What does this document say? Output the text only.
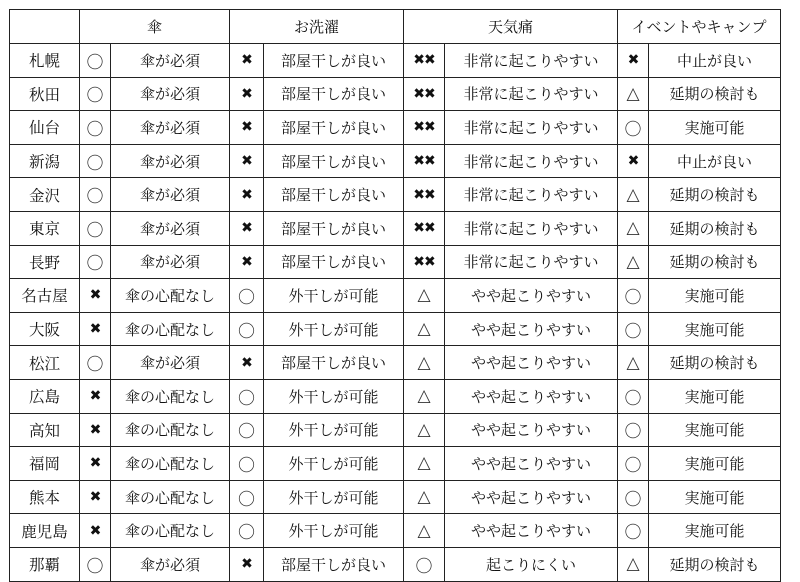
	傘		お洗濯		天気痛		イベントやキャンプ	
札幌	〇	傘が必須	✖	部屋干しが良い	✖✖	非常に起こりやすい	✖	中止が良い
秋田	〇	傘が必須	✖	部屋干しが良い	✖✖	非常に起こりやすい	△	延期の検討も
仙台	〇	傘が必須	✖	部屋干しが良い	✖✖	非常に起こりやすい	〇	実施可能
新潟	〇	傘が必須	✖	部屋干しが良い	✖✖	非常に起こりやすい	✖	中止が良い
金沢	〇	傘が必須	✖	部屋干しが良い	✖✖	非常に起こりやすい	△	延期の検討も
東京	〇	傘が必須	✖	部屋干しが良い	✖✖	非常に起こりやすい	△	延期の検討も
長野	〇	傘が必須	✖	部屋干しが良い	✖✖	非常に起こりやすい	△	延期の検討も
名古屋	✖	傘の心配なし	〇	外干しが可能	△	やや起こりやすい	〇	実施可能
大阪	✖	傘の心配なし	〇	外干しが可能	△	やや起こりやすい	〇	実施可能
松江	〇	傘が必須	✖	部屋干しが良い	△	やや起こりやすい	△	延期の検討も
広島	✖	傘の心配なし	〇	外干しが可能	△	やや起こりやすい	〇	実施可能
高知	✖	傘の心配なし	〇	外干しが可能	△	やや起こりやすい	〇	実施可能
福岡	✖	傘の心配なし	〇	外干しが可能	△	やや起こりやすい	〇	実施可能
熊本	✖	傘の心配なし	〇	外干しが可能	△	やや起こりやすい	〇	実施可能
鹿児島	✖	傘の心配なし	〇	外干しが可能	△	やや起こりやすい	〇	実施可能
那覇	〇	傘が必須	✖	部屋干しが良い	〇	起こりにくい	△	延期の検討も
